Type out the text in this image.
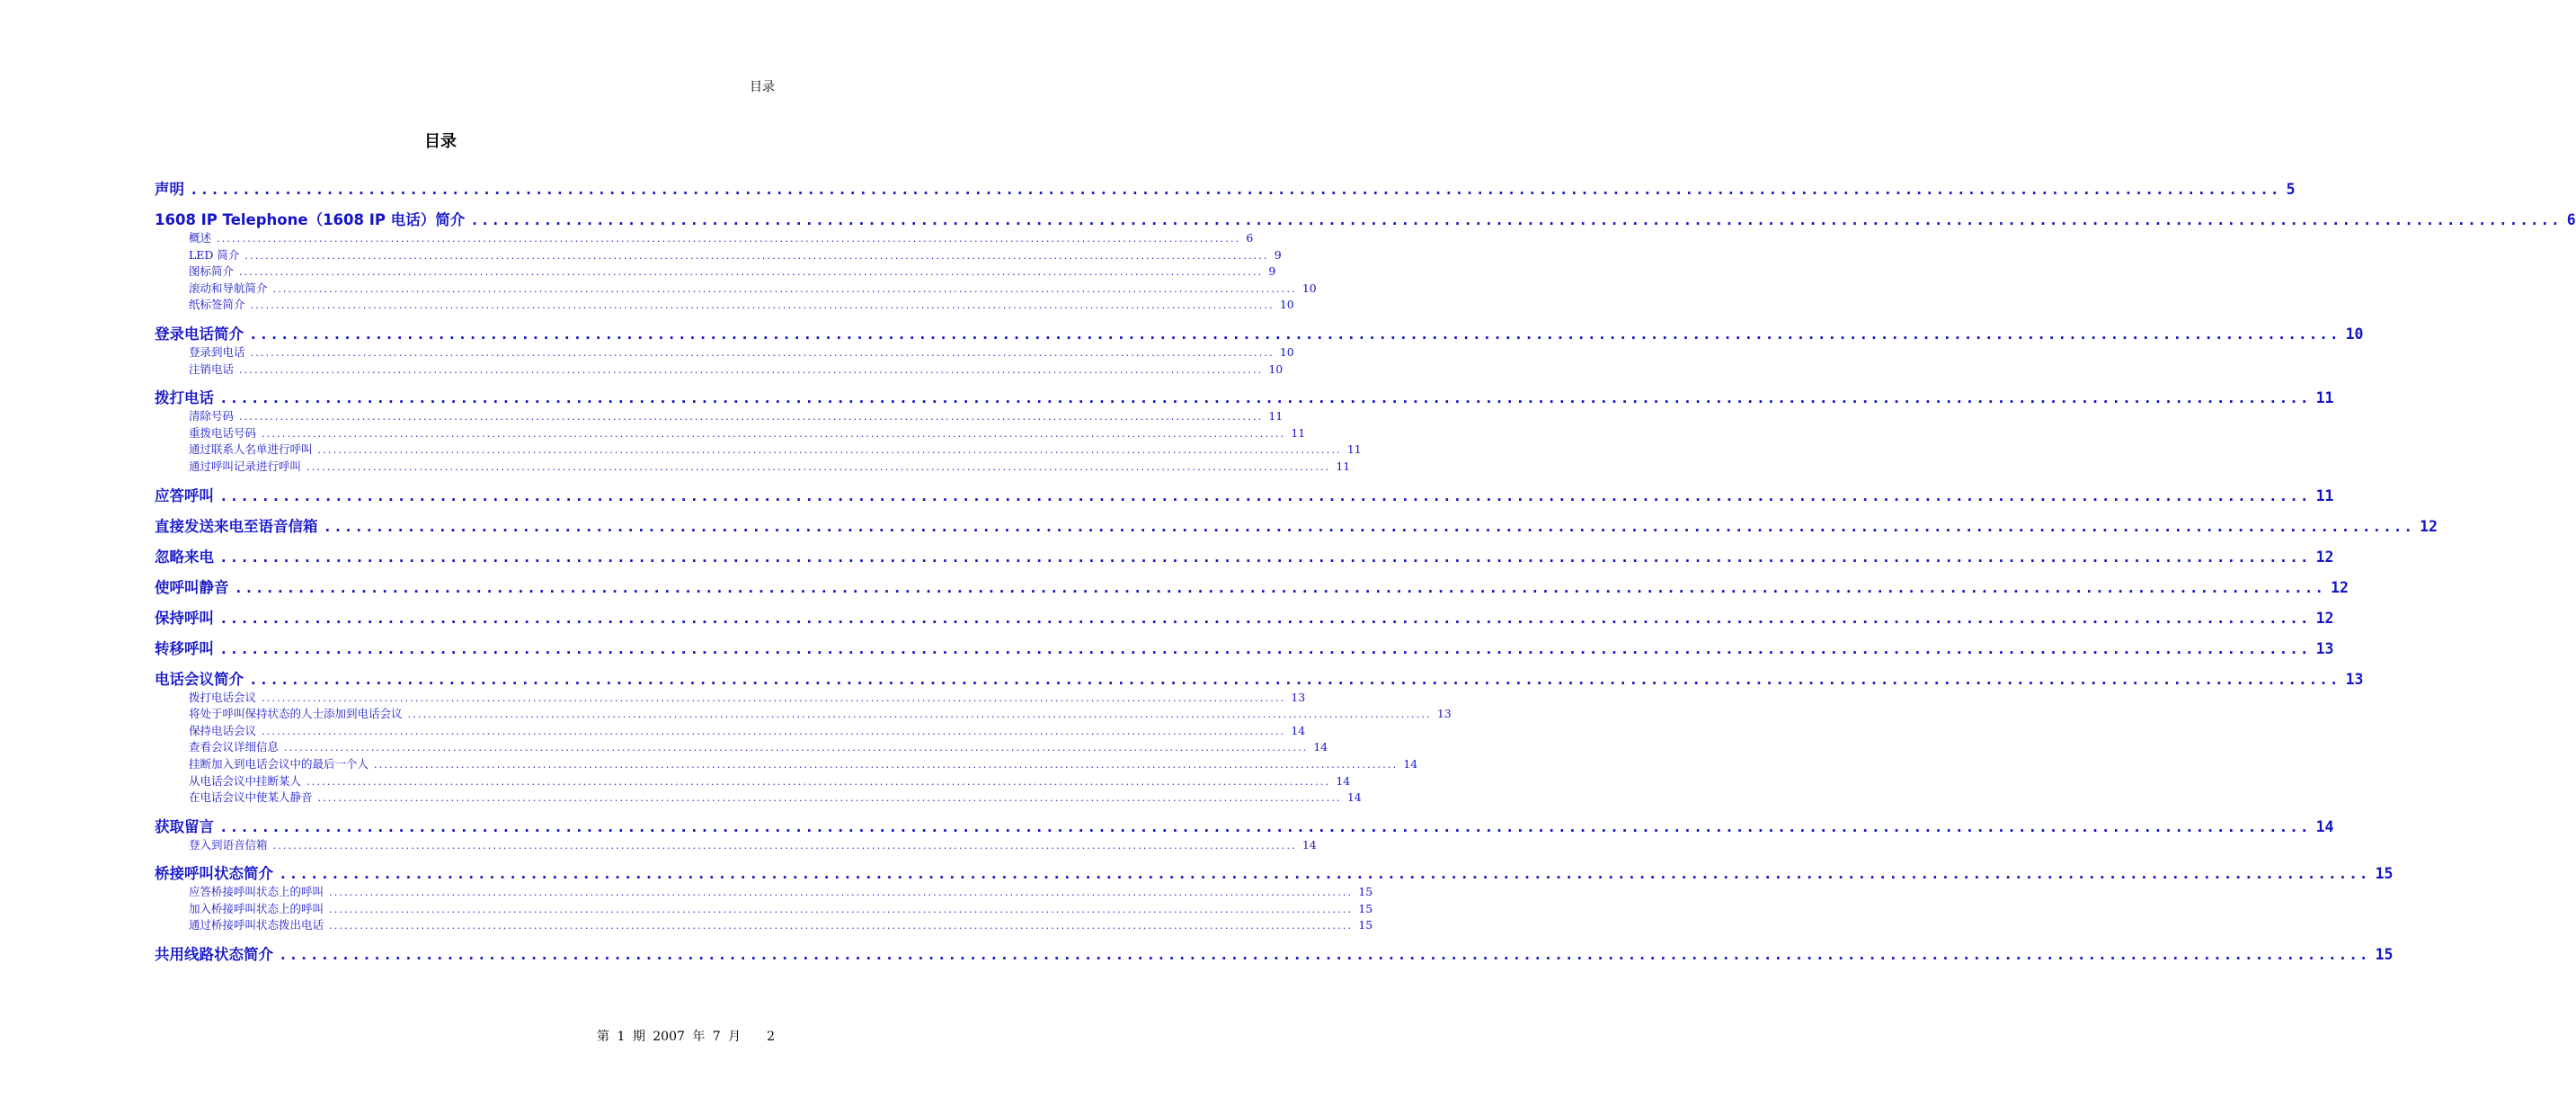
目录
目录
声明 ........................................................................................................................................................................................................ 5
1608 IP Telephone（1608 IP 电话）简介 ........................................................................................................................................................................................................ 6
概述 ........................................................................................................................................................................................................ 6
LED 简介 ........................................................................................................................................................................................................ 9
图标简介 ........................................................................................................................................................................................................ 9
滚动和导航简介 ........................................................................................................................................................................................................ 10
纸标签简介 ........................................................................................................................................................................................................ 10
登录电话简介 ........................................................................................................................................................................................................ 10
登录到电话 ........................................................................................................................................................................................................ 10
注销电话 ........................................................................................................................................................................................................ 10
拨打电话 ........................................................................................................................................................................................................ 11
清除号码 ........................................................................................................................................................................................................ 11
重拨电话号码 ........................................................................................................................................................................................................ 11
通过联系人名单进行呼叫 ........................................................................................................................................................................................................ 11
通过呼叫记录进行呼叫 ........................................................................................................................................................................................................ 11
应答呼叫 ........................................................................................................................................................................................................ 11
直接发送来电至语音信箱 ........................................................................................................................................................................................................ 12
忽略来电 ........................................................................................................................................................................................................ 12
使呼叫静音 ........................................................................................................................................................................................................ 12
保持呼叫 ........................................................................................................................................................................................................ 12
转移呼叫 ........................................................................................................................................................................................................ 13
电话会议简介 ........................................................................................................................................................................................................ 13
拨打电话会议 ........................................................................................................................................................................................................ 13
将处于呼叫保持状态的人士添加到电话会议 ........................................................................................................................................................................................................ 13
保持电话会议 ........................................................................................................................................................................................................ 14
查看会议详细信息 ........................................................................................................................................................................................................ 14
挂断加入到电话会议中的最后一个人 ........................................................................................................................................................................................................ 14
从电话会议中挂断某人 ........................................................................................................................................................................................................ 14
在电话会议中使某人静音 ........................................................................................................................................................................................................ 14
获取留言 ........................................................................................................................................................................................................ 14
登入到语音信箱 ........................................................................................................................................................................................................ 14
桥接呼叫状态简介 ........................................................................................................................................................................................................ 15
应答桥接呼叫状态上的呼叫 ........................................................................................................................................................................................................ 15
加入桥接呼叫状态上的呼叫 ........................................................................................................................................................................................................ 15
通过桥接呼叫状态拨出电话 ........................................................................................................................................................................................................ 15
共用线路状态简介 ........................................................................................................................................................................................................ 15
第 1 期 2007 年 7 月 2
